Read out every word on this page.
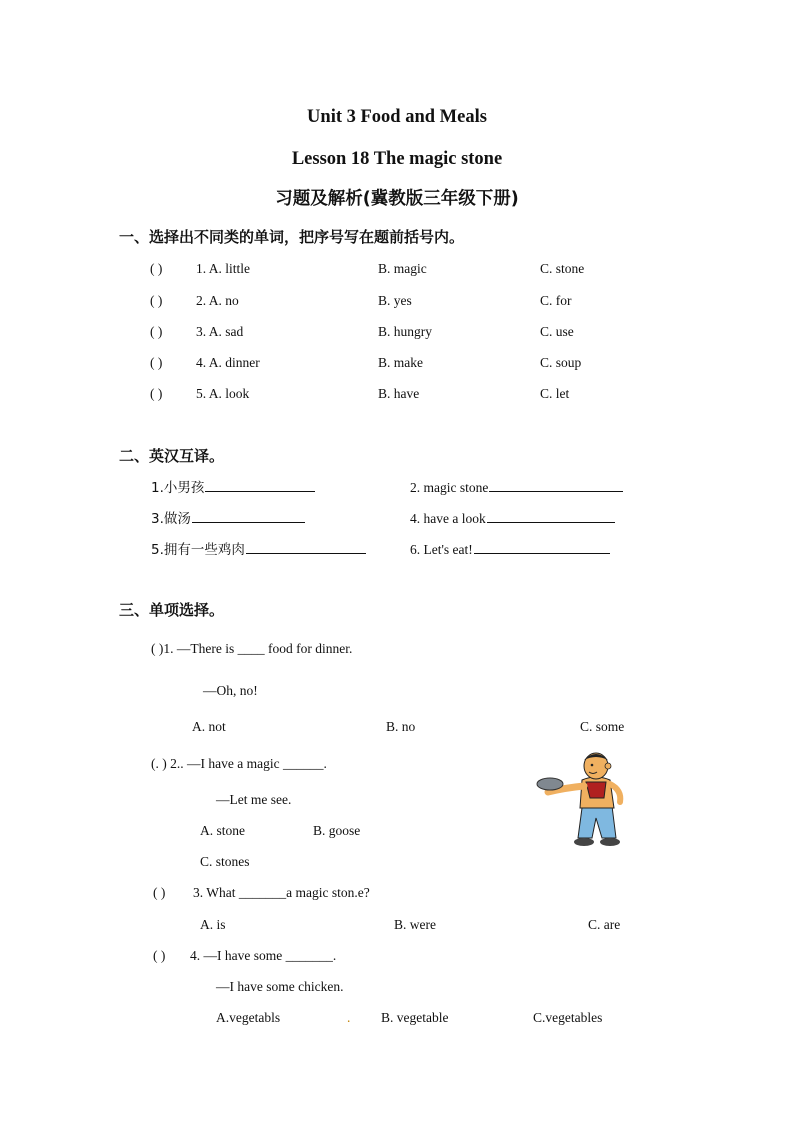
Unit 3 Food and Meals
Lesson 18 The magic stone
习题及解析(冀教版三年级下册)
一、选择出不同类的单词，把序号写在题前括号内。
( ) 1. A. little	B. magic	C. stone
( ) 2. A. no	B. yes	C. for
( ) 3. A. sad	B. hungry	C. use
( ) 4. A. dinner	B. make	C. soup
( ) 5. A. look	B. have	C. let
二、英汉互译。
1.小男孩	2. magic stone
3.做汤	4. have a look
5.拥有一些鸡肉	6. Let's eat!
三、单项选择。
( )1. —There is ____ food for dinner.
—Oh, no!
A. not	B. no	C. some
(. ) 2.. —I have a magic ______.
—Let me see.
A. stone	B. goose
C. stones
( ) 3. What _______a magic ston.e?
A. is	B. were	C. are
( ) 4. —I have some _______.
—I have some chicken.
A.vegetabls	. B. vegetable	C.vegetables
